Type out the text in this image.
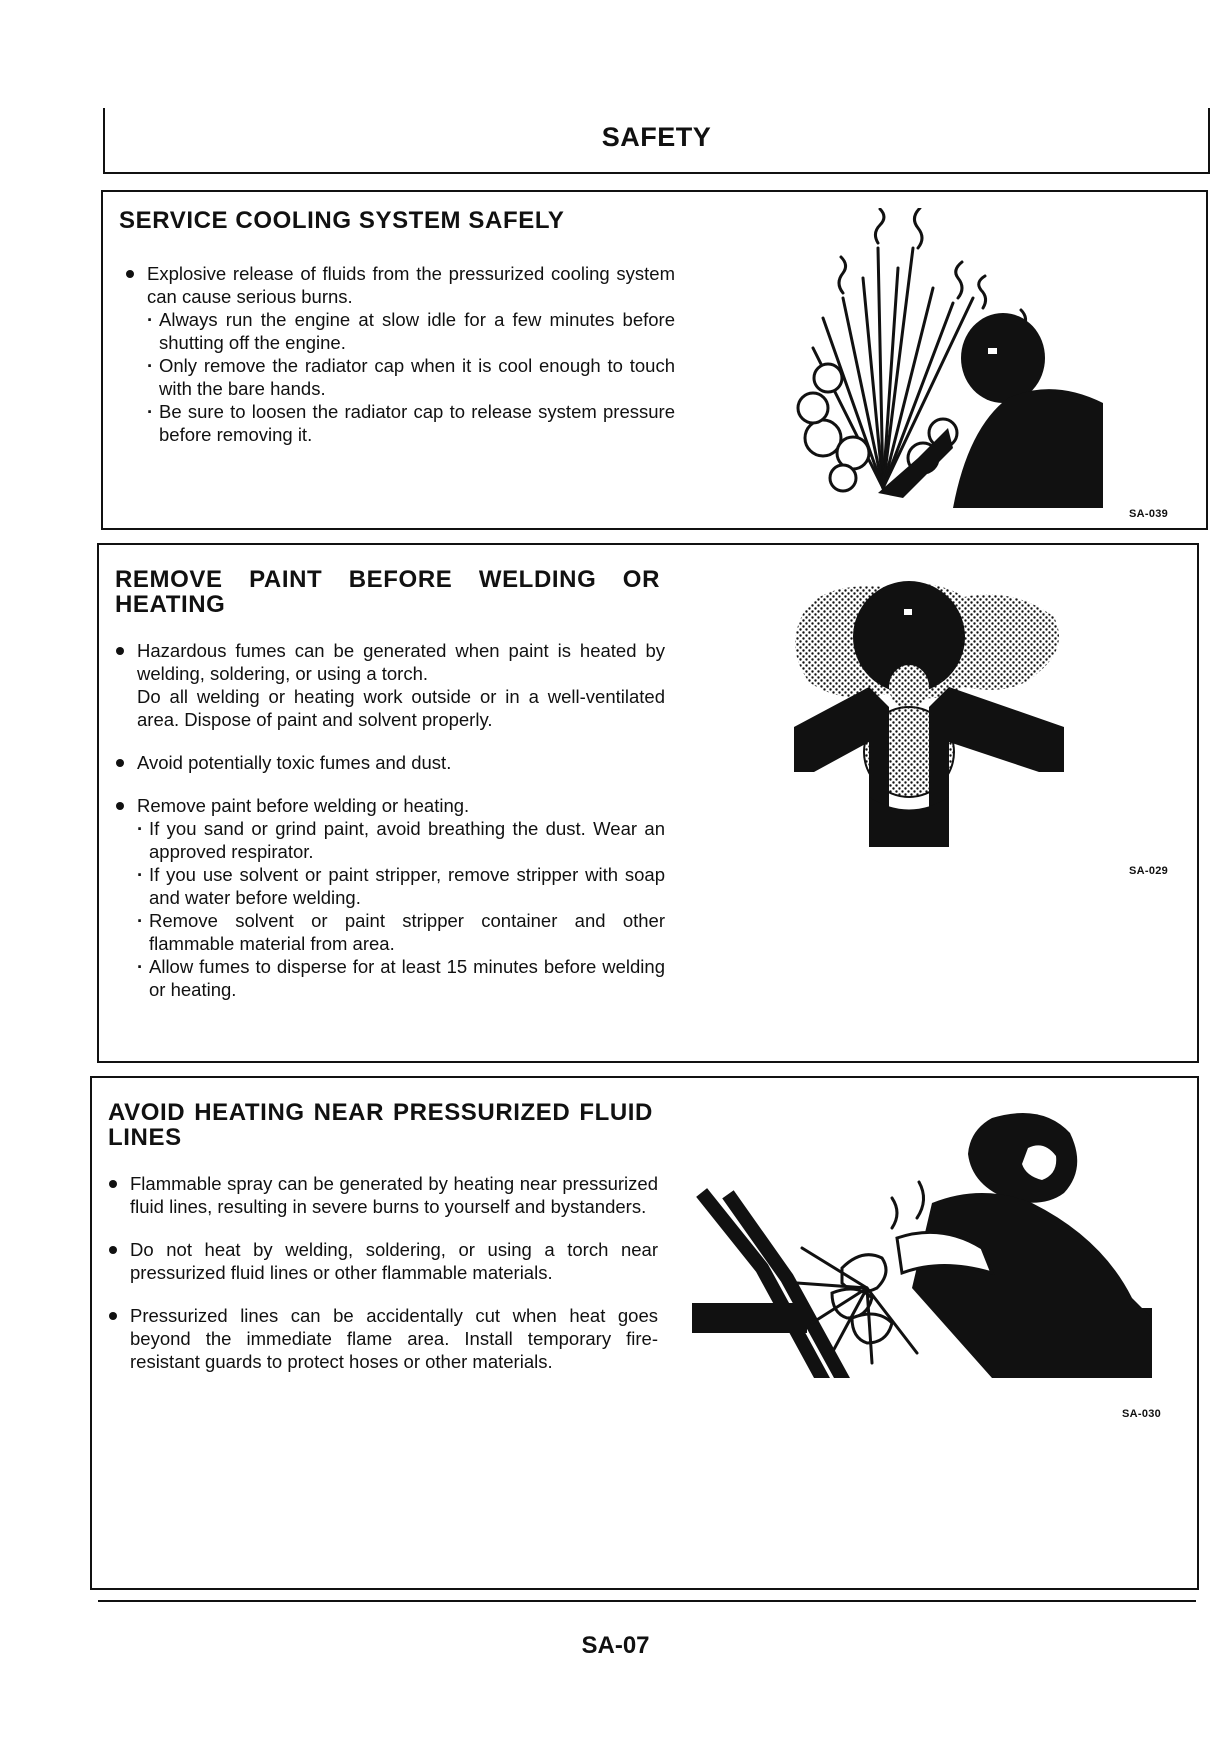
SAFETY
SERVICE COOLING SYSTEM SAFELY
Explosive release of fluids from the pressurized cooling system can cause serious burns.
· Always run the engine at slow idle for a few minutes before shutting off the engine.
· Only remove the radiator cap when it is cool enough to touch with the bare hands.
· Be sure to loosen the radiator cap to release system pressure before removing it.
SA-039
REMOVE PAINT BEFORE WELDING OR HEATING
Hazardous fumes can be generated when paint is heated by welding, soldering, or using a torch.
Do all welding or heating work outside or in a well-ventilated area. Dispose of paint and solvent properly.
Avoid potentially toxic fumes and dust.
Remove paint before welding or heating.
· If you sand or grind paint, avoid breathing the dust. Wear an approved respirator.
· If you use solvent or paint stripper, remove stripper with soap and water before welding.
· Remove solvent or paint stripper container and other flammable material from area.
· Allow fumes to disperse for at least 15 minutes before welding or heating.
SA-029
AVOID HEATING NEAR PRESSURIZED FLUID LINES
Flammable spray can be generated by heating near pressurized fluid lines, resulting in severe burns to yourself and bystanders.
Do not heat by welding, soldering, or using a torch near pressurized fluid lines or other flammable materials.
Pressurized lines can be accidentally cut when heat goes beyond the immediate flame area. Install temporary fire-resistant guards to protect hoses or other materials.
SA-030
SA-07
